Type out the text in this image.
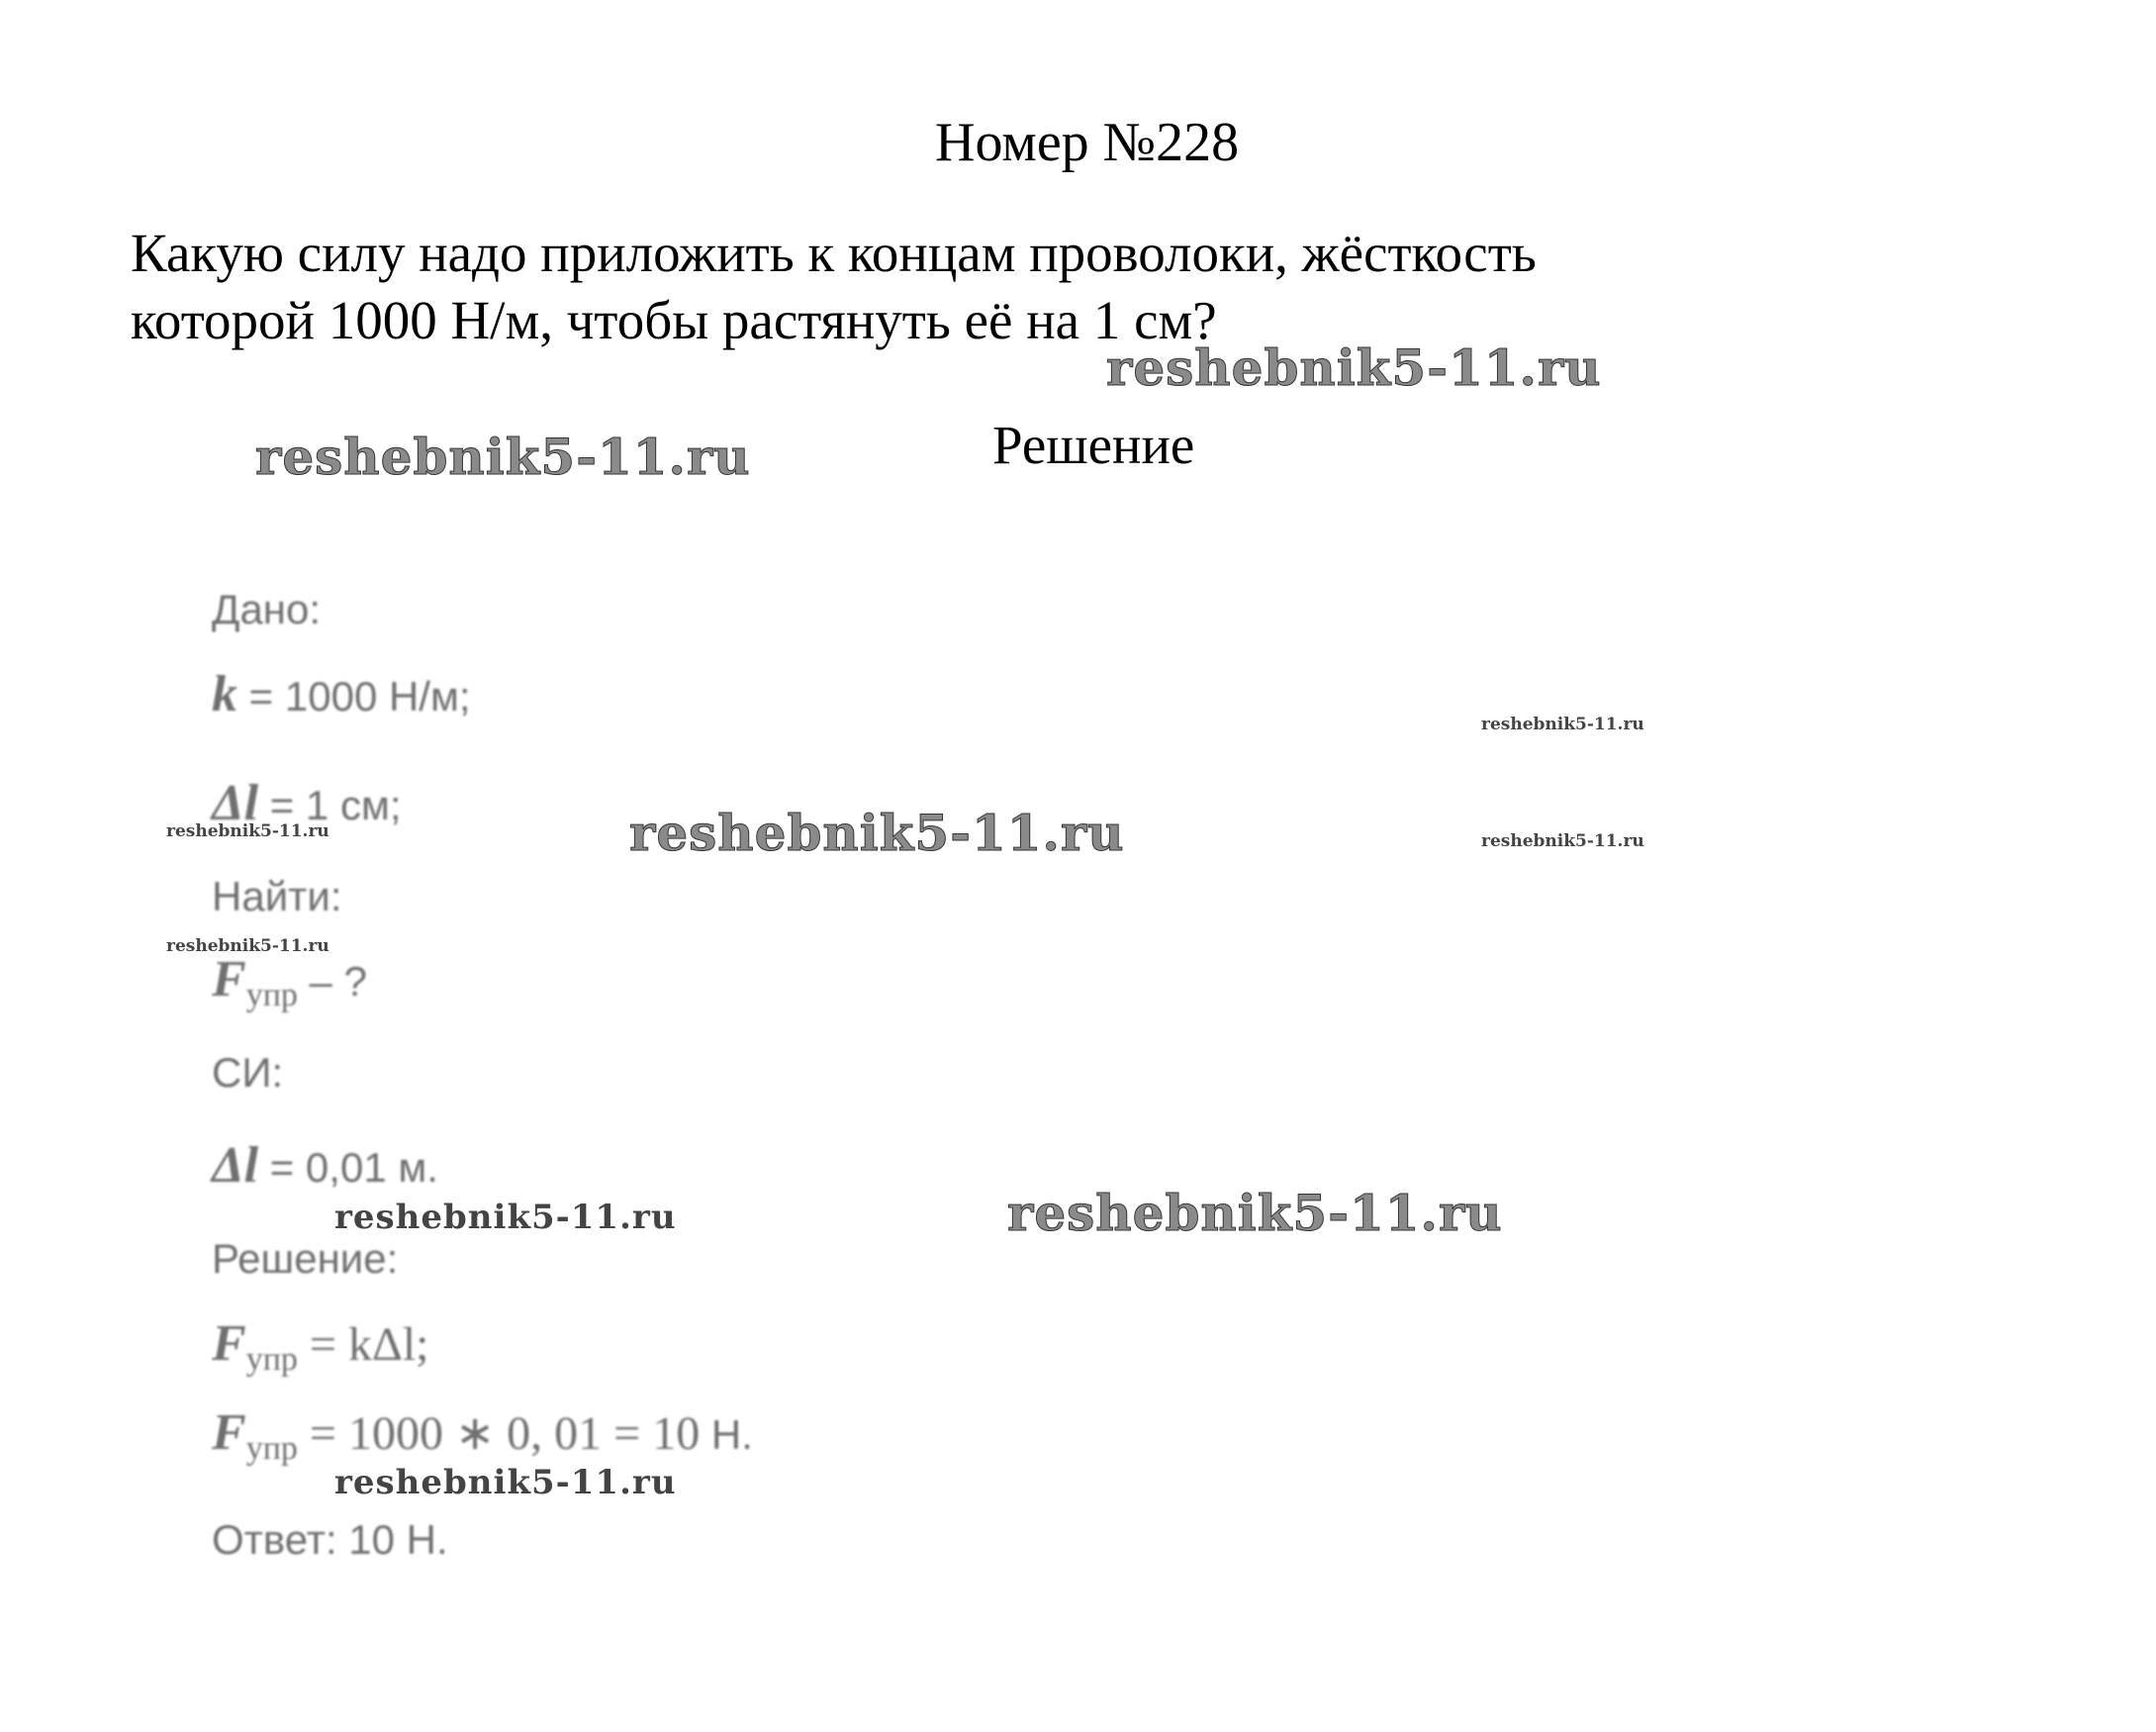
Номер №228
Какую силу надо приложить к концам проволоки, жёсткость
которой 1000 Н/м, чтобы растянуть её на 1 см?
Решение
Дано:
k = 1000 Н/м;
Δl = 1 см;
Найти:
$F_{упр}$ – ?
СИ:
Δl = 0,01 м.
Решение:
$F_{упр} = k\Delta l$;
$F_{упр} = 1000$ ∗ 0, 01 = 10 Н.
Ответ: 10 Н.
reshebnik5-11.ru
reshebnik5-11.ru
reshebnik5-11.ru
reshebnik5-11.ru
reshebnik5-11.ru
reshebnik5-11.ru
reshebnik5-11.ru
reshebnik5-11.ru
reshebnik5-11.ru
reshebnik5-11.ru
